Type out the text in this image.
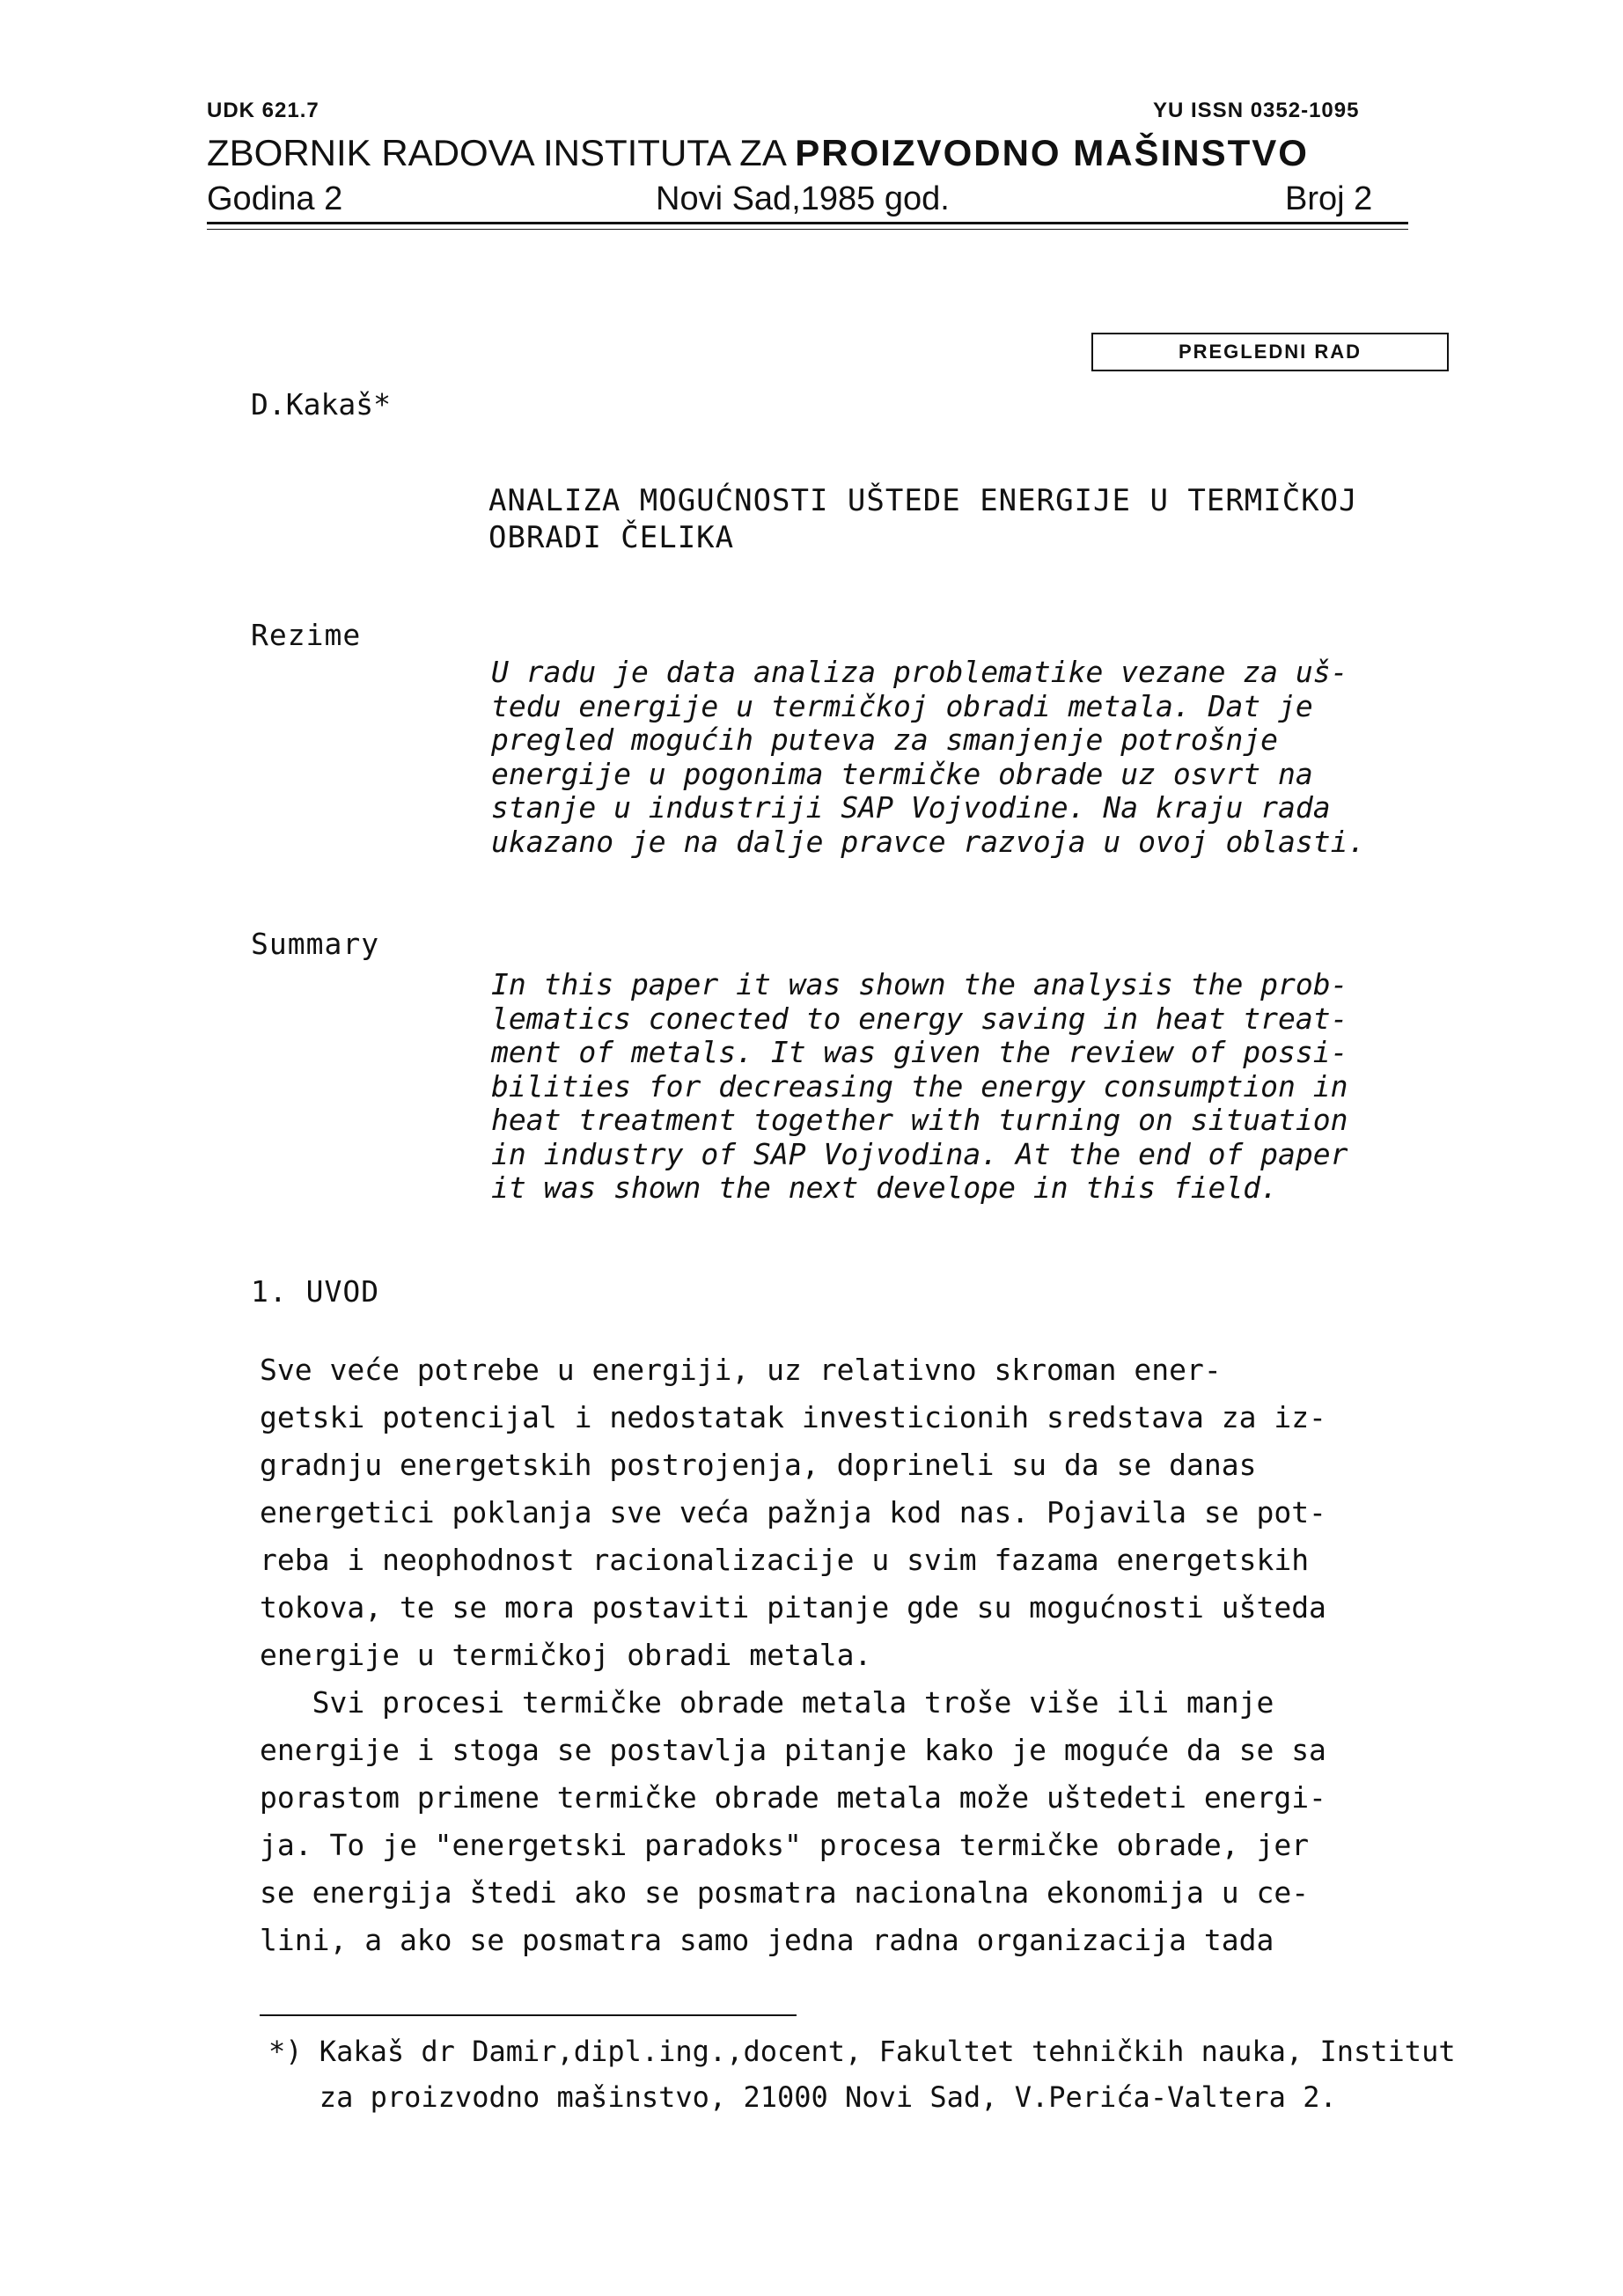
UDK 621.7	YU ISSN 0352-1095
ZBORNIK RADOVA INSTITUTA ZA PROIZVODNO MAŠINSTVO
Godina 2	Novi Sad,1985 god.	Broj 2
PREGLEDNI RAD
D.Kakaš*
ANALIZA MOGUĆNOSTI UŠTEDE ENERGIJE U TERMIČKOJ
OBRADI ČELIKA
Rezime
U radu je data analiza problematike vezane za uš-
tedu energije u termičkoj obradi metala. Dat je
pregled mogućih puteva za smanjenje potrošnje
energije u pogonima termičke obrade uz osvrt na
stanje u industriji SAP Vojvodine. Na kraju rada
ukazano je na dalje pravce razvoja u ovoj oblasti.
Summary
In this paper it was shown the analysis the prob-
lematics conected to energy saving in heat treat-
ment of metals. It was given the review of possi-
bilities for decreasing the energy consumption in
heat treatment together with turning on situation
in industry of SAP Vojvodina. At the end of paper
it was shown the next develope in this field.
1. UVOD
Sve veće potrebe u energiji, uz relativno skroman ener-
getski potencijal i nedostatak investicionih sredstava za iz-
gradnju energetskih postrojenja, doprineli su da se danas
energetici poklanja sve veća pažnja kod nas. Pojavila se pot-
reba i neophodnost racionalizacije u svim fazama energetskih
tokova, te se mora postaviti pitanje gde su mogućnosti ušteda
energije u termičkoj obradi metala.
Svi procesi termičke obrade metala troše više ili manje
energije i stoga se postavlja pitanje kako je moguće da se sa
porastom primene termičke obrade metala može uštedeti energi-
ja. To je "energetski paradoks" procesa termičke obrade, jer
se energija štedi ako se posmatra nacionalna ekonomija u ce-
lini, a ako se posmatra samo jedna radna organizacija tada
*) Kakaš dr Damir,dipl.ing.,docent, Fakultet tehničkih nauka, Institut
za proizvodno mašinstvo, 21000 Novi Sad, V.Perića-Valtera 2.
